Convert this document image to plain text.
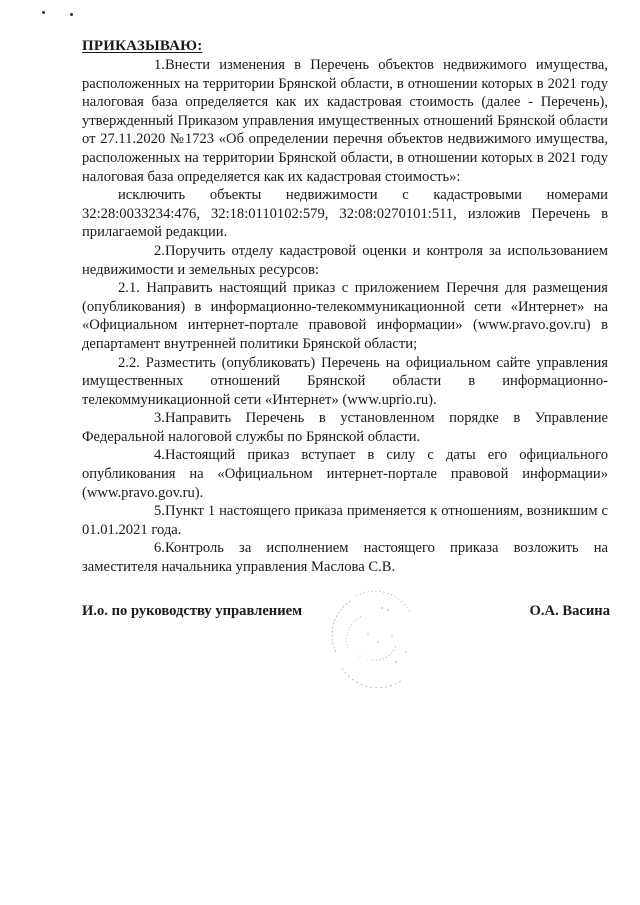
ПРИКАЗЫВАЮ:

1.Внести изменения в Перечень объектов недвижимого имущества, расположенных на территории Брянской области, в отношении которых в 2021 году налоговая база определяется как их кадастровая стоимость (далее - Перечень), утвержденный Приказом управления имущественных отношений Брянской области от 27.11.2020 №1723 «Об определении перечня объектов недвижимого имущества, расположенных на территории Брянской области, в отношении которых в 2021 году налоговая база определяется как их кадастровая стоимость»:

исключить объекты недвижимости с кадастровыми номерами 32:28:0033234:476, 32:18:0110102:579, 32:08:0270101:511, изложив Перечень в прилагаемой редакции.

2.Поручить отделу кадастровой оценки и контроля за использованием недвижимости и земельных ресурсов:

2.1. Направить настоящий приказ с приложением Перечня для размещения (опубликования) в информационно-телекоммуникационной сети «Интернет» на «Официальном интернет-портале правовой информации» (www.pravo.gov.ru) в департамент внутренней политики Брянской области;

2.2. Разместить (опубликовать) Перечень на официальном сайте управления имущественных отношений Брянской области в информационно-телекоммуникационной сети «Интернет» (www.uprio.ru).

3.Направить Перечень в установленном порядке в Управление Федеральной налоговой службы по Брянской области.

4.Настоящий приказ вступает в силу с даты его официального опубликования на «Официальном интернет-портале правовой информации» (www.pravo.gov.ru).

5.Пункт 1 настоящего приказа применяется к отношениям, возникшим с 01.01.2021 года.

6.Контроль за исполнением настоящего приказа возложить на заместителя начальника управления Маслова С.В.

И.о. по руководству управлением	О.А. Васина
